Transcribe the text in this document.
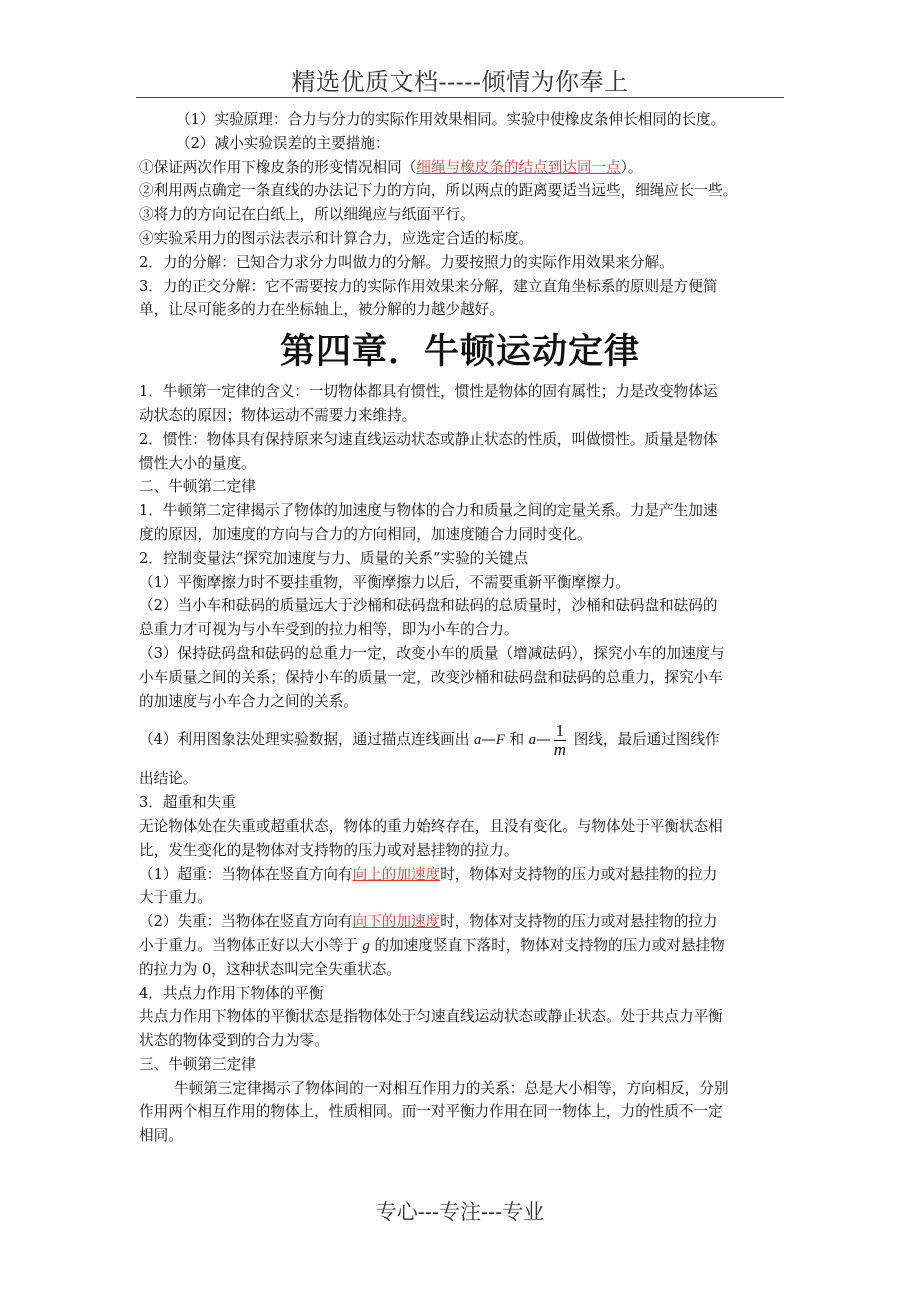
精选优质文档-----倾情为你奉上
（1）实验原理：合力与分力的实际作用效果相同。实验中使橡皮条伸长相同的长度。
（2）减小实验误差的主要措施：
①保证两次作用下橡皮条的形变情况相同（细绳与橡皮条的结点到达同一点）。
②利用两点确定一条直线的办法记下力的方向，所以两点的距离要适当远些，细绳应长一些。
③将力的方向记在白纸上，所以细绳应与纸面平行。
④实验采用力的图示法表示和计算合力，应选定合适的标度。
2．力的分解：已知合力求分力叫做力的分解。力要按照力的实际作用效果来分解。
3．力的正交分解：它不需要按力的实际作用效果来分解，建立直角坐标系的原则是方便简
单，让尽可能多的力在坐标轴上，被分解的力越少越好。
第四章．牛顿运动定律
1．牛顿第一定律的含义：一切物体都具有惯性，惯性是物体的固有属性；力是改变物体运
动状态的原因；物体运动不需要力来维持。
2．惯性：物体具有保持原来匀速直线运动状态或静止状态的性质，叫做惯性。质量是物体
惯性大小的量度。
二、牛顿第二定律
1．牛顿第二定律揭示了物体的加速度与物体的合力和质量之间的定量关系。力是产生加速
度的原因，加速度的方向与合力的方向相同，加速度随合力同时变化。
2．控制变量法“探究加速度与力、质量的关系”实验的关键点
（1）平衡摩擦力时不要挂重物，平衡摩擦力以后，不需要重新平衡摩擦力。
（2）当小车和砝码的质量远大于沙桶和砝码盘和砝码的总质量时，沙桶和砝码盘和砝码的
总重力才可视为与小车受到的拉力相等，即为小车的合力。
（3）保持砝码盘和砝码的总重力一定，改变小车的质量（增减砝码），探究小车的加速度与
小车质量之间的关系；保持小车的质量一定，改变沙桶和砝码盘和砝码的总重力，探究小车
的加速度与小车合力之间的关系。
（4）利用图象法处理实验数据，通过描点连线画出 a—F 和 a— $\frac{1}{m}$ 图线，最后通过图线作
出结论。
3．超重和失重
无论物体处在失重或超重状态，物体的重力始终存在，且没有变化。与物体处于平衡状态相
比，发生变化的是物体对支持物的压力或对悬挂物的拉力。
（1）超重：当物体在竖直方向有向上的加速度时，物体对支持物的压力或对悬挂物的拉力
大于重力。
（2）失重：当物体在竖直方向有向下的加速度时，物体对支持物的压力或对悬挂物的拉力
小于重力。当物体正好以大小等于 g 的加速度竖直下落时，物体对支持物的压力或对悬挂物
的拉力为 0，这种状态叫完全失重状态。
4．共点力作用下物体的平衡
共点力作用下物体的平衡状态是指物体处于匀速直线运动状态或静止状态。处于共点力平衡
状态的物体受到的合力为零。
三、牛顿第三定律
牛顿第三定律揭示了物体间的一对相互作用力的关系：总是大小相等，方向相反，分别
作用两个相互作用的物体上，性质相同。而一对平衡力作用在同一物体上，力的性质不一定
相同。
专心---专注---专业
